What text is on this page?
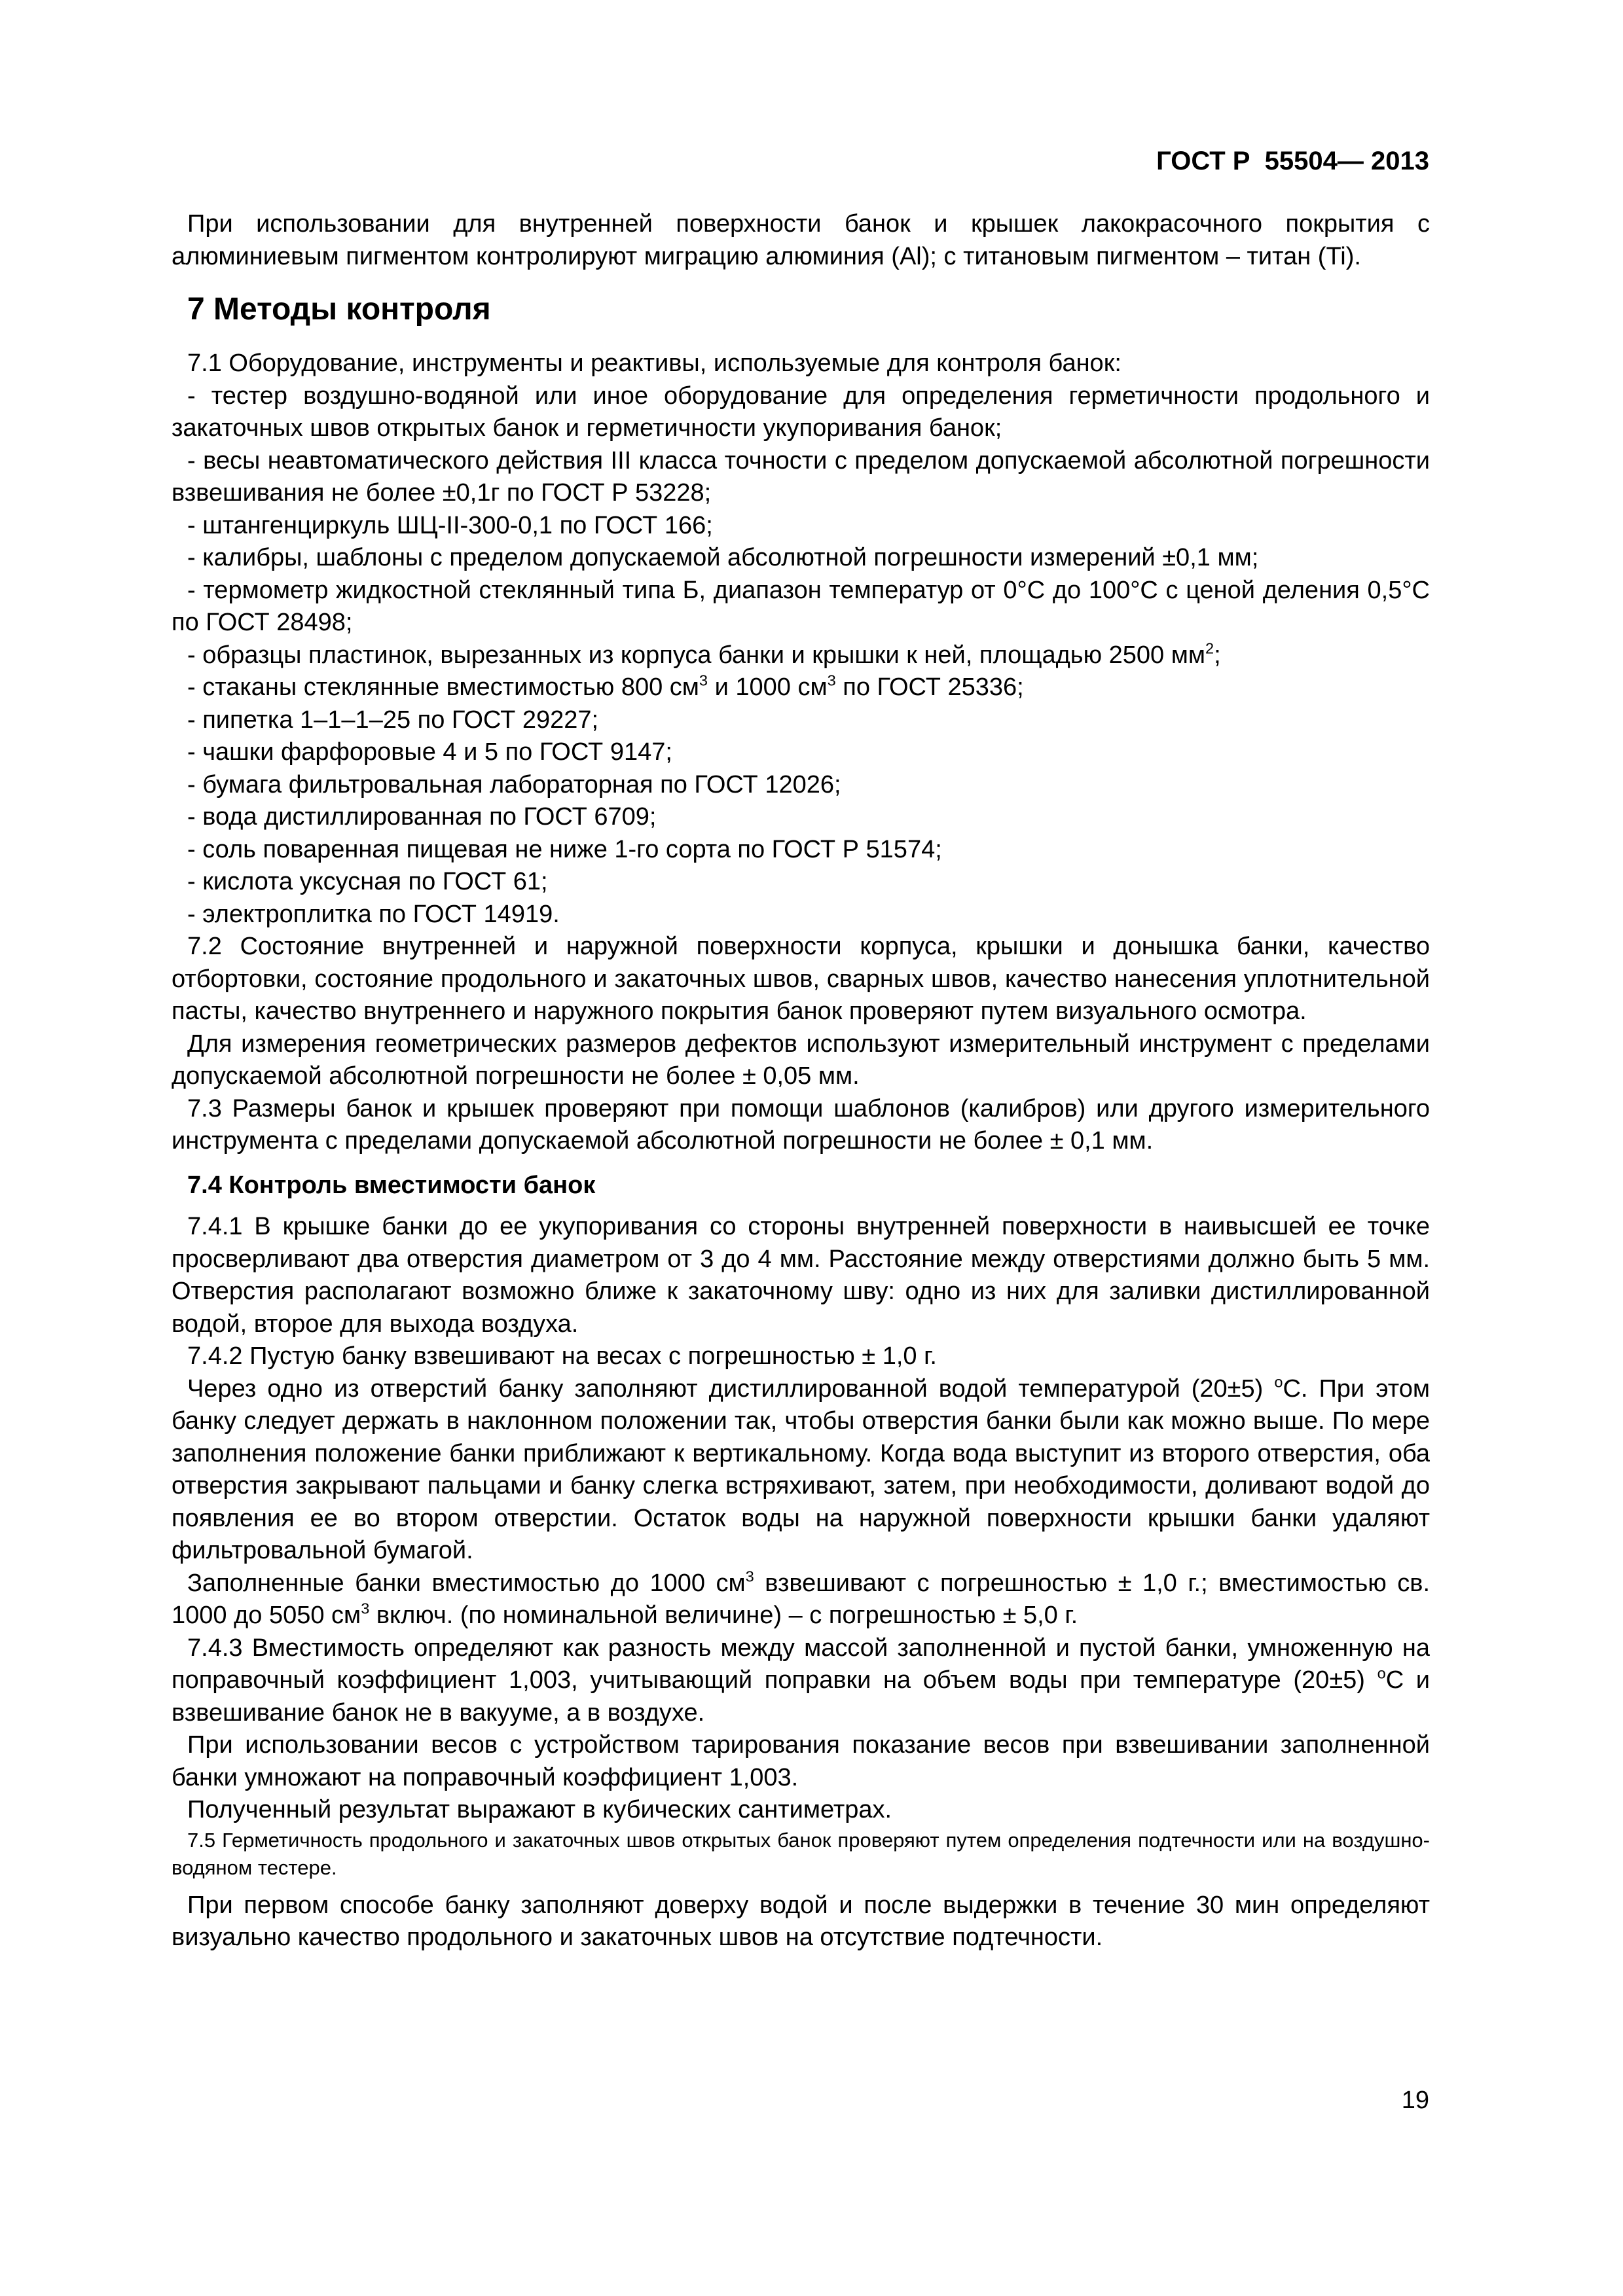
ГОСТ Р  55504— 2013

При использовании для внутренней поверхности банок и крышек лакокрасочного покрытия с алюминиевым пигментом контролируют миграцию алюминия (Al); с титановым пигментом – титан (Ti).

7 Методы контроля

7.1 Оборудование, инструменты и реактивы, используемые для контроля банок:

- тестер воздушно-водяной или иное оборудование для определения герметичности продольного и закаточных швов открытых банок и герметичности укупоривания банок;

- весы неавтоматического действия III класса точности с пределом допускаемой абсолютной погрешности взвешивания не более ±0,1г по ГОСТ Р 53228;

- штангенциркуль ШЦ-II-300-0,1 по ГОСТ 166;

- калибры, шаблоны с пределом допускаемой абсолютной погрешности измерений ±0,1 мм;

- термометр жидкостной стеклянный типа Б, диапазон температур от 0°С до 100°С с ценой деления 0,5°С по ГОСТ 28498;

- образцы пластинок, вырезанных из корпуса банки и крышки к ней, площадью 2500 $мм^2$;

- стаканы стеклянные вместимостью 800 $см^3$ и 1000 $см^3$ по ГОСТ 25336;

- пипетка 1–1–1–25 по ГОСТ 29227;

- чашки фарфоровые 4 и 5 по ГОСТ 9147;

- бумага фильтровальная лабораторная по ГОСТ 12026;

- вода дистиллированная по ГОСТ 6709;

- соль поваренная пищевая не ниже 1-го сорта по ГОСТ Р 51574;

- кислота уксусная по ГОСТ 61;

- электроплитка по ГОСТ 14919.

7.2 Состояние внутренней и наружной поверхности корпуса, крышки и донышка банки, качество отбортовки, состояние продольного и закаточных швов, сварных швов, качество нанесения уплотнительной пасты, качество внутреннего и наружного покрытия банок проверяют путем визуального осмотра.

Для измерения геометрических размеров дефектов используют измерительный инструмент с пределами допускаемой абсолютной погрешности не более ± 0,05 мм.

7.3 Размеры банок и крышек проверяют при помощи шаблонов (калибров) или другого измерительного инструмента с пределами допускаемой абсолютной погрешности не более ± 0,1 мм.

7.4 Контроль вместимости банок

7.4.1 В крышке банки до ее укупоривания со стороны внутренней поверхности в наивысшей ее точке просверливают два отверстия диаметром от 3 до 4 мм. Расстояние между отверстиями должно быть 5 мм. Отверстия располагают возможно ближе к закаточному шву: одно из них для заливки дистиллированной водой, второе для выхода воздуха.

7.4.2 Пустую банку взвешивают на весах с погрешностью ± 1,0 г.

Через одно из отверстий банку заполняют дистиллированной водой температурой (20±5) $^о$С. При этом банку следует держать в наклонном положении так, чтобы отверстия банки были как можно выше. По мере заполнения положение банки приближают к вертикальному. Когда вода выступит из второго отверстия, оба отверстия закрывают пальцами и банку слегка встряхивают, затем, при необходимости, доливают водой до появления ее во втором отверстии. Остаток воды на наружной поверхности крышки банки удаляют фильтровальной бумагой.

Заполненные банки вместимостью до 1000 $см^3$ взвешивают с погрешностью ± 1,0 г.; вместимостью св. 1000 до 5050 $см^3$ включ. (по номинальной величине) – с погрешностью ± 5,0 г.

7.4.3 Вместимость определяют как разность между массой заполненной и пустой банки, умноженную на поправочный коэффициент 1,003, учитывающий поправки на объем воды при температуре (20±5) $^о$С и взвешивание банок не в вакууме, а в воздухе.

При использовании весов с устройством тарирования показание весов при взвешивании заполненной банки умножают на поправочный коэффициент 1,003.

Полученный результат выражают в кубических сантиметрах.

7.5 Герметичность продольного и закаточных швов открытых банок проверяют путем определения подтечности или на воздушно-водяном тестере.

При первом способе банку заполняют доверху водой и после выдержки в течение 30 мин определяют визуально качество продольного и закаточных швов на отсутствие подтечности.

19
